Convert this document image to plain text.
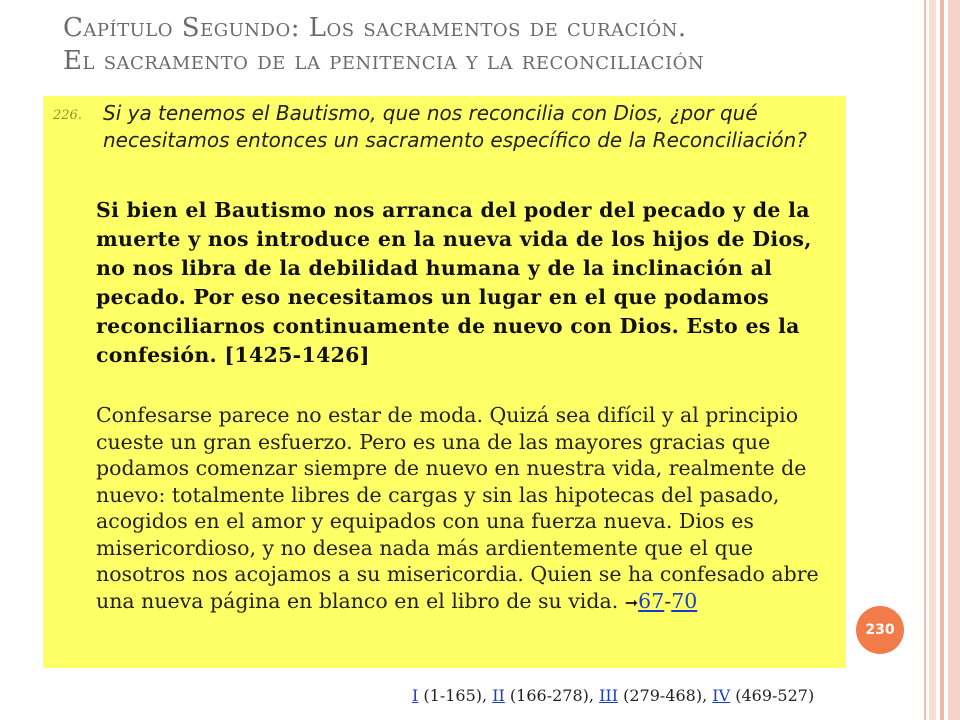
Capítulo Segundo: Los sacramentos de curación.
El sacramento de la penitencia y la reconciliación
226. Si ya tenemos el Bautismo, que nos reconcilia con Dios, ¿por qué necesitamos entonces un sacramento específico de la Reconciliación?
Si bien el Bautismo nos arranca del poder del pecado y de la muerte y nos introduce en la nueva vida de los hijos de Dios, no nos libra de la debilidad humana y de la inclinación al pecado. Por eso necesitamos un lugar en el que podamos reconciliarnos continuamente de nuevo con Dios. Esto es la confesión. [1425-1426]
Confesarse parece no estar de moda. Quizá sea difícil y al principio cueste un gran esfuerzo. Pero es una de las mayores gracias que podamos comenzar siempre de nuevo en nuestra vida, realmente de nuevo: totalmente libres de cargas y sin las hipotecas del pasado, acogidos en el amor y equipados con una fuerza nueva. Dios es misericordioso, y no desea nada más ardientemente que el que nosotros nos acojamos a su misericordia. Quien se ha confesado abre una nueva página en blanco en el libro de su vida. ➞67-70
230
I (1-165), II (166-278), III (279-468), IV (469-527)
